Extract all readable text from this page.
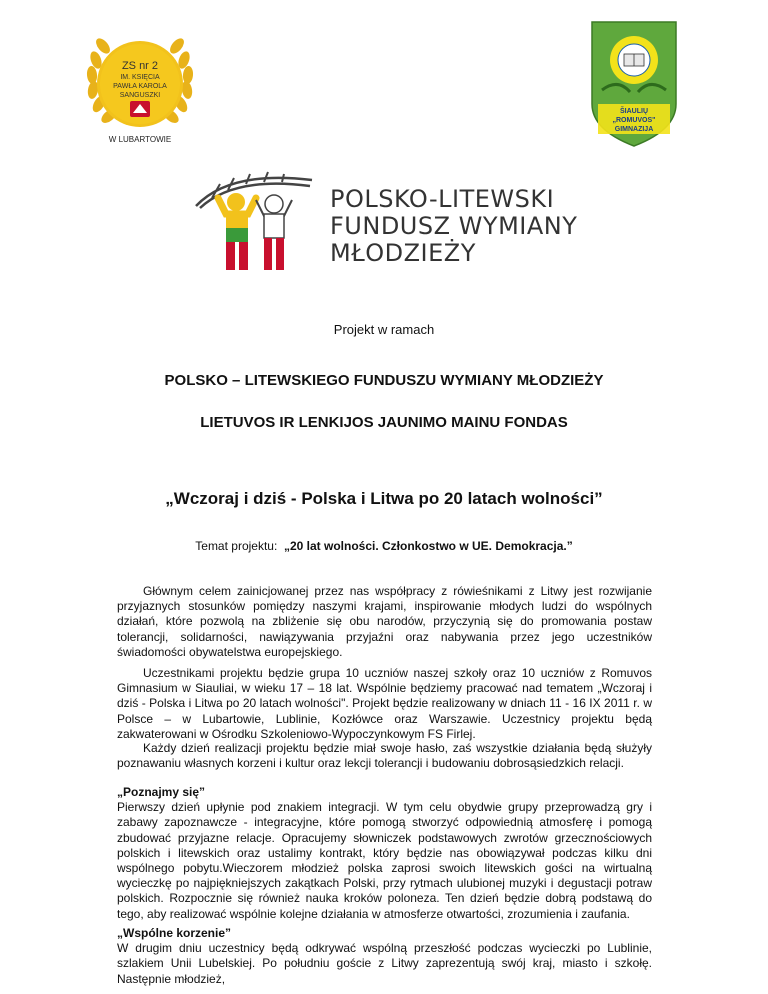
ZS nr 2
IM. KSIĘCIA
PAWŁA KAROLA
SANGUSZKI
W LUBARTOWIE
ŠIAULIŲ
„ROMUVOS"
GIMNAZIJA
POLSKO-LITEWSKI
FUNDUSZ WYMIANY
MŁODZIEŻY
Projekt w ramach
POLSKO – LITEWSKIEGO FUNDUSZU WYMIANY MŁODZIEŻY
LIETUVOS IR LENKIJOS JAUNIMO MAINU FONDAS
„Wczoraj i dziś - Polska i Litwa po 20 latach wolności”
Temat projektu: „20 lat wolności. Członkostwo w UE. Demokracja.”

Głównym celem zainicjowanej przez nas współpracy z rówieśnikami z Litwy jest rozwijanie przyjaznych stosunków pomiędzy naszymi krajami, inspirowanie młodych ludzi do wspólnych działań, które pozwolą na zbliżenie się obu narodów, przyczynią się do promowania postaw tolerancji, solidarności, nawiązywania przyjaźni oraz nabywania przez jego uczestników świadomości obywatelstwa europejskiego.

Uczestnikami projektu będzie grupa 10 uczniów naszej szkoły oraz 10 uczniów z Romuvos Gimnasium w Siauliai, w wieku 17 – 18 lat. Wspólnie będziemy pracować nad tematem „Wczoraj i dziś - Polska i Litwa po 20 latach wolności". Projekt będzie realizowany w dniach 11 - 16 IX 2011 r. w Polsce – w Lubartowie, Lublinie, Kozłówce oraz Warszawie. Uczestnicy projektu będą zakwaterowani w Ośrodku Szkoleniowo-Wypoczynkowym FS Firlej.

Każdy dzień realizacji projektu będzie miał swoje hasło, zaś wszystkie działania będą służyły poznawaniu własnych korzeni i kultur oraz lekcji tolerancji i budowaniu dobrosąsiedzkich relacji.

„Poznajmy się”
Pierwszy dzień upłynie pod znakiem integracji. W tym celu obydwie grupy przeprowadzą gry i zabawy zapoznawcze - integracyjne, które pomogą stworzyć odpowiednią atmosferę i pomogą zbudować przyjazne relacje. Opracujemy słowniczek podstawowych zwrotów grzecznościowych polskich i litewskich oraz ustalimy kontrakt, który będzie nas obowiązywał podczas kilku dni wspólnego pobytu.Wieczorem młodzież polska zaprosi swoich litewskich gości na wirtualną wycieczkę po najpiękniejszych zakątkach Polski, przy rytmach ulubionej muzyki i degustacji potraw polskich. Rozpocznie się również nauka kroków poloneza. Ten dzień będzie dobrą podstawą do tego, aby realizować wspólnie kolejne działania w atmosferze otwartości, zrozumienia i zaufania.

„Wspólne korzenie”
W drugim dniu uczestnicy będą odkrywać wspólną przeszłość podczas wycieczki po Lublinie, szlakiem Unii Lubelskiej. Po południu goście z Litwy zaprezentują swój kraj, miasto i szkołę. Następnie młodzież,
